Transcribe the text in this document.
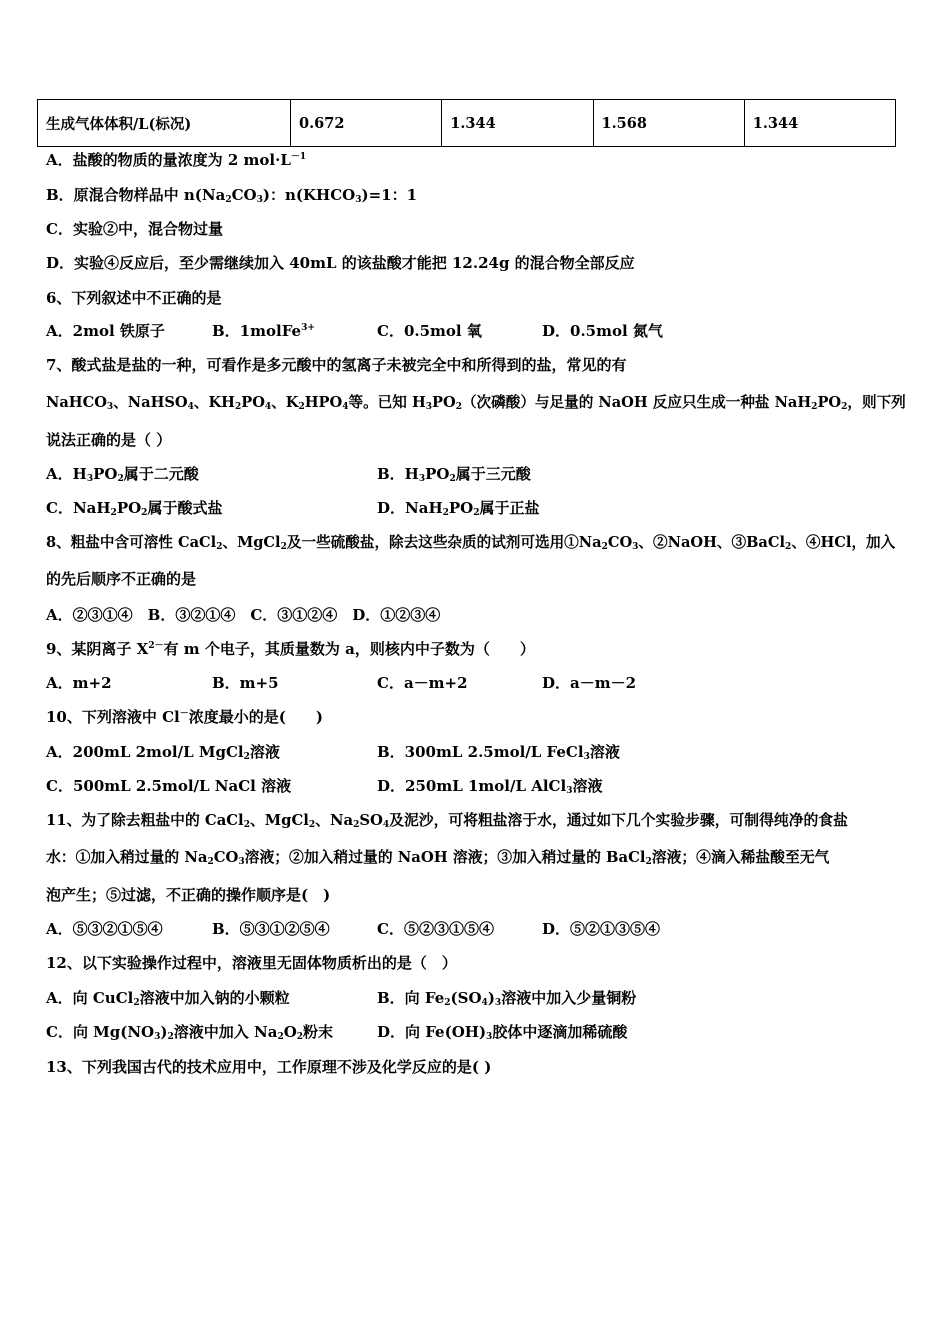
生成气体体积/L(标况)	0.672	1.344	1.568	1.344
A．盐酸的物质的量浓度为 2 $mol\cdot L^{-1}$
B．原混合物样品中 $n(Na_2CO_3)$：$n(KHCO_3)=1$：1
C．实验②中，混合物过量
D．实验④反应后，至少需继续加入 40mL 的该盐酸才能把 12.24g 的混合物全部反应
6、下列叙述中不正确的是
A．2mol 铁原子	B．1molFe$^{3+}$	C．0.5mol 氧	D．0.5mol 氮气
7、酸式盐是盐的一种，可看作是多元酸中的氢离子未被完全中和所得到的盐，常见的有
NaHCO$_3$、NaHSO$_4$、$KH_2PO_4$、$K_2HPO_4$等。已知 $H_3PO_2$（次磷酸）与足量的 NaOH 反应只生成一种盐 $NaH_2PO_2$，则下列
说法正确的是（ ）
A．$H_3PO_2$属于二元酸	B．$H_3PO_2$属于三元酸
C．$NaH_2PO_2$属于酸式盐	D．$NaH_2PO_2$属于正盐
8、粗盐中含可溶性 CaCl$_2$、MgCl$_2$及一些硫酸盐，除去这些杂质的试剂可选用$①Na_2CO_3$、②NaOH、③BaCl$_2$、④HCl，加入
的先后顺序不正确的是
A．②③①④　B．③②①④　C．③①②④　D．①②③④
9、某阴离子 $X^{2-}$有 m 个电子，其质量数为 a，则核内中子数为（　　）
A．m+2	B．m+5	C．a－m+2	D．a－m－2
10、下列溶液中 Cl－浓度最小的是(　　)
A．200mL 2mol/L MgCl$_2$溶液	B．300mL 2.5mol/L FeCl$_3$溶液
C．500mL 2.5mol/L NaCl 溶液	D．250mL 1mol/L AlCl$_3$溶液
11、为了除去粗盐中的 CaCl$_2$、MgCl$_2$、$Na_2SO_4$及泥沙，可将粗盐溶于水，通过如下几个实验步骤，可制得纯净的食盐
水：①加入稍过量的 $Na_2CO_3$溶液；②加入稍过量的 NaOH 溶液；③加入稍过量的 BaCl$_2$溶液；④滴入稀盐酸至无气
泡产生；⑤过滤，不正确的操作顺序是(　)
A．⑤③②①⑤④	B．⑤③①②⑤④	C．⑤②③①⑤④	D．⑤②①③⑤④
12、以下实验操作过程中，溶液里无固体物质析出的是（　）
A．向 CuCl$_2$溶液中加入钠的小颗粒	B．向 $Fe_2(SO_4)_3$溶液中加入少量铜粉
C．向 $Mg(NO_3)_2$溶液中加入 $Na_2O_2$粉末	D．向 $Fe(OH)_3$胶体中逐滴加稀硫酸
13、下列我国古代的技术应用中，工作原理不涉及化学反应的是( )
